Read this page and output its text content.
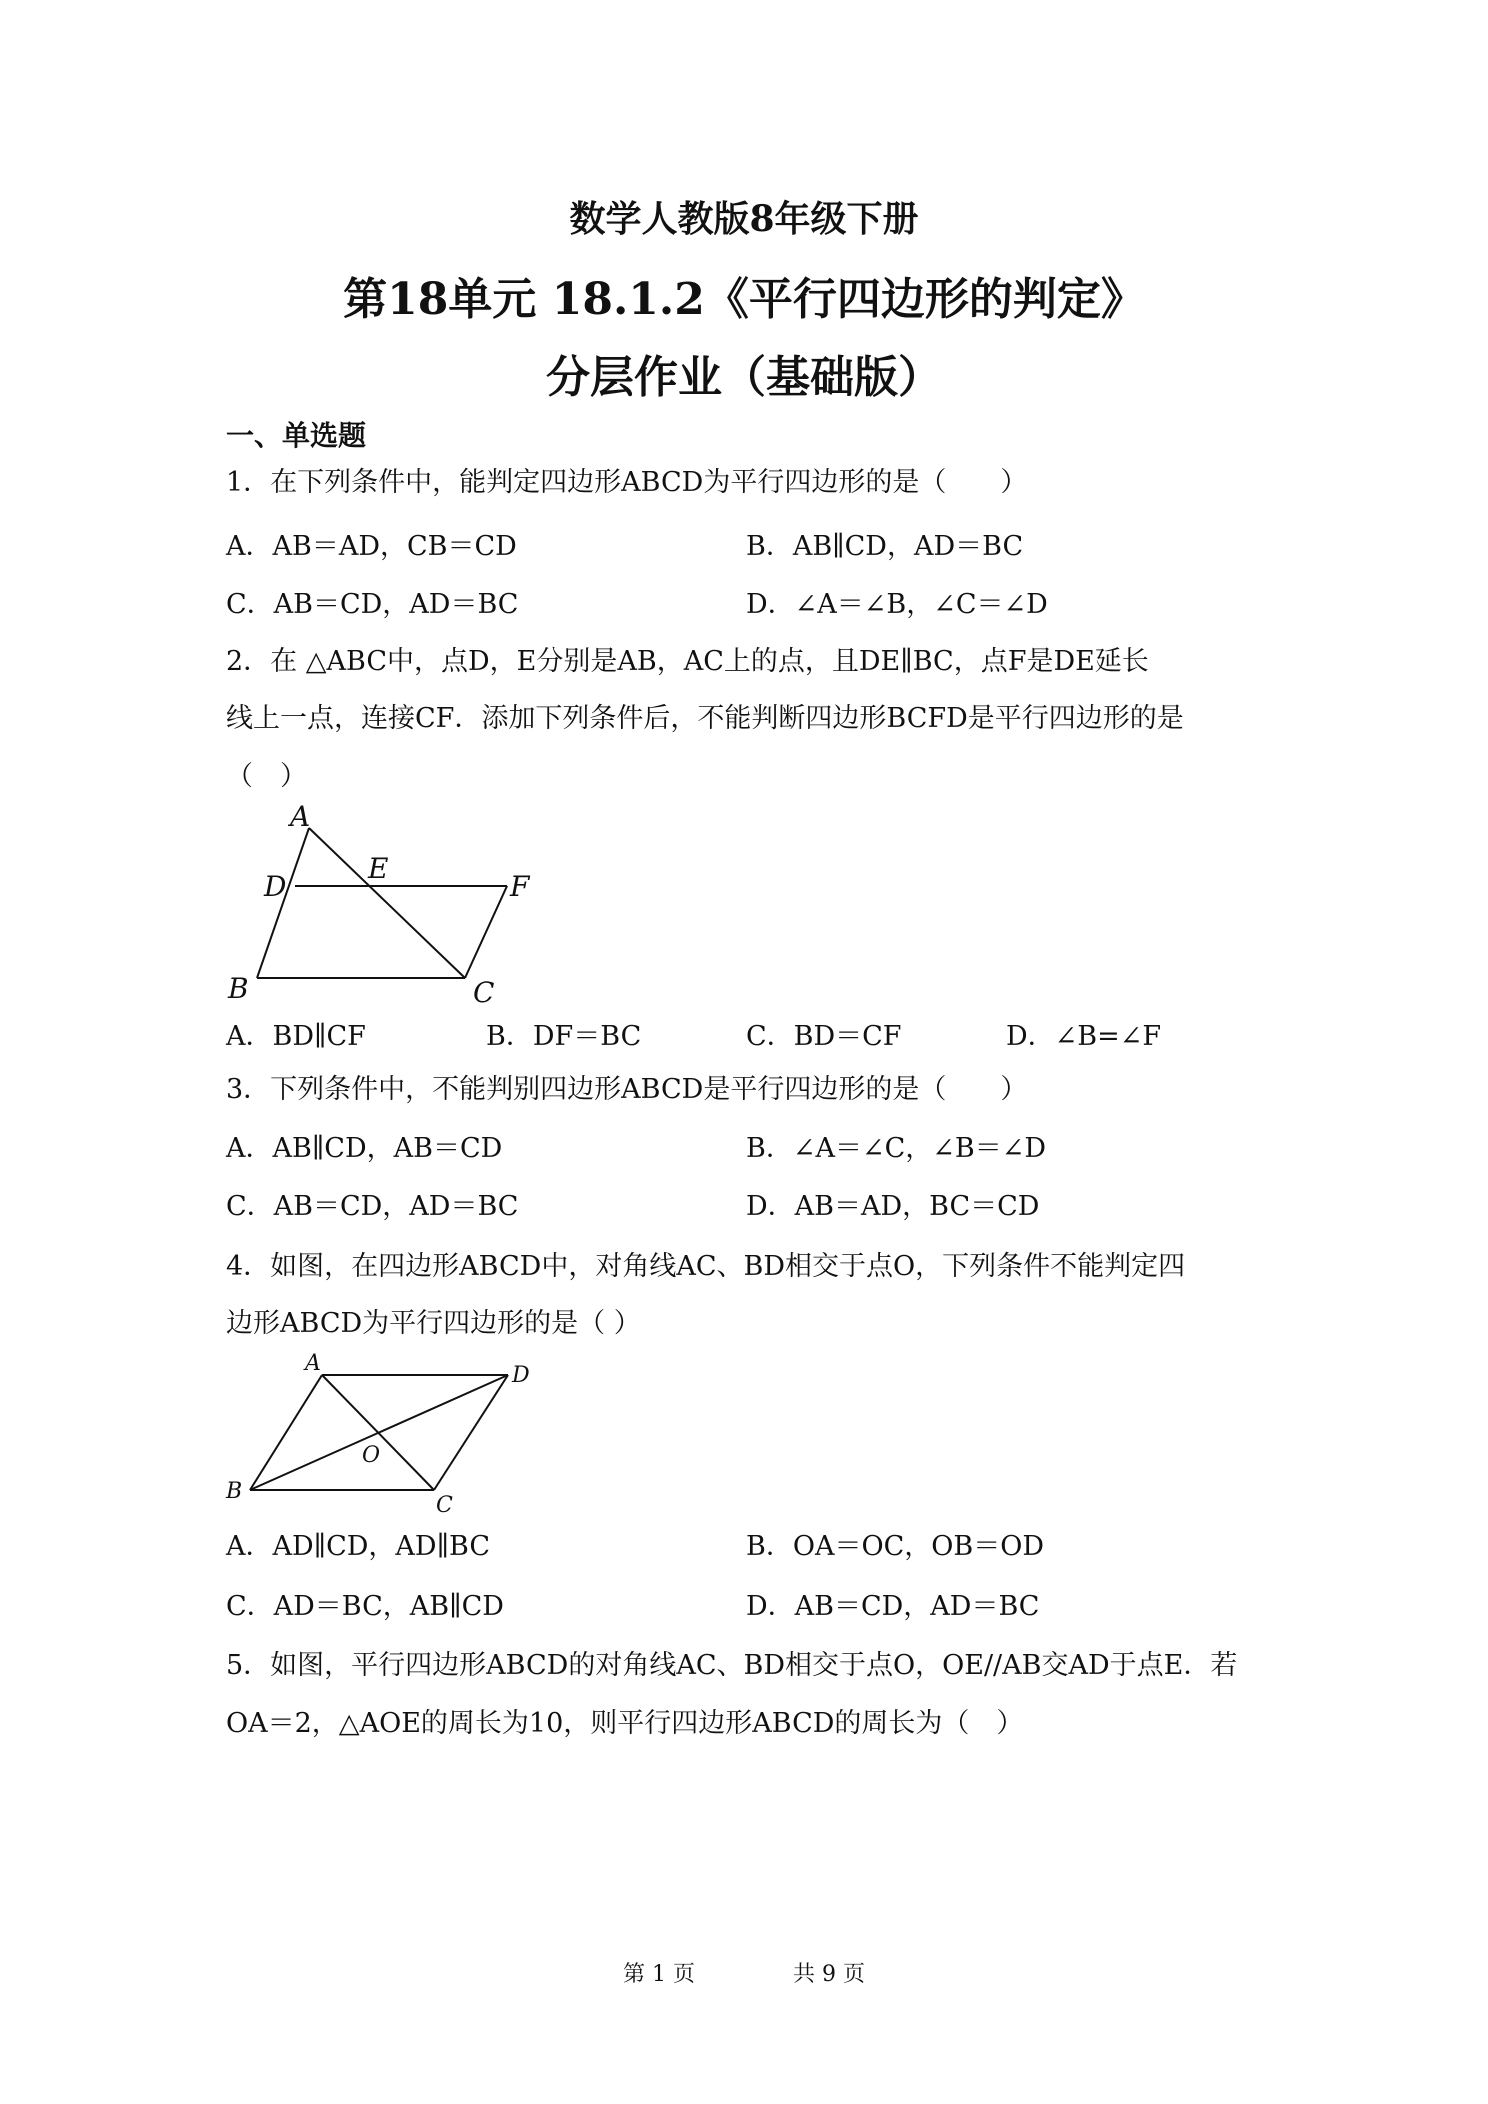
数学人教版8年级下册
第18单元 18.1.2《平行四边形的判定》
分层作业（基础版）
一、单选题
1．在下列条件中，能判定四边形ABCD为平行四边形的是（　　）
A．AB＝AD，CB＝CD	B．AB∥CD，AD＝BC
C．AB＝CD，AD＝BC	D．∠A＝∠B，∠C＝∠D
2．在 △ABC中，点D，E分别是AB，AC上的点，且DE∥BC，点F是DE延长
线上一点，连接CF．添加下列条件后，不能判断四边形BCFD是平行四边形的是
（　）
A
D
E
F
B	C
A．BD∥CF	B．DF＝BC	C．BD＝CF	D．∠B=∠F
3．下列条件中，不能判别四边形ABCD是平行四边形的是（　　）
A．AB∥CD，AB＝CD	B．∠A＝∠C，∠B＝∠D
C．AB＝CD，AD＝BC	D．AB＝AD，BC＝CD
4．如图，在四边形ABCD中，对角线AC、BD相交于点O，下列条件不能判定四
边形ABCD为平行四边形的是（ ）
A	D
O
B
C
A．AD∥CD，AD∥BC	B．OA＝OC，OB＝OD
C．AD＝BC，AB∥CD	D．AB＝CD，AD＝BC
5．如图，平行四边形ABCD的对角线AC、BD相交于点O，OE//AB交AD于点E．若
OA＝2，△AOE的周长为10，则平行四边形ABCD的周长为（　）
第 1 页	共 9 页
